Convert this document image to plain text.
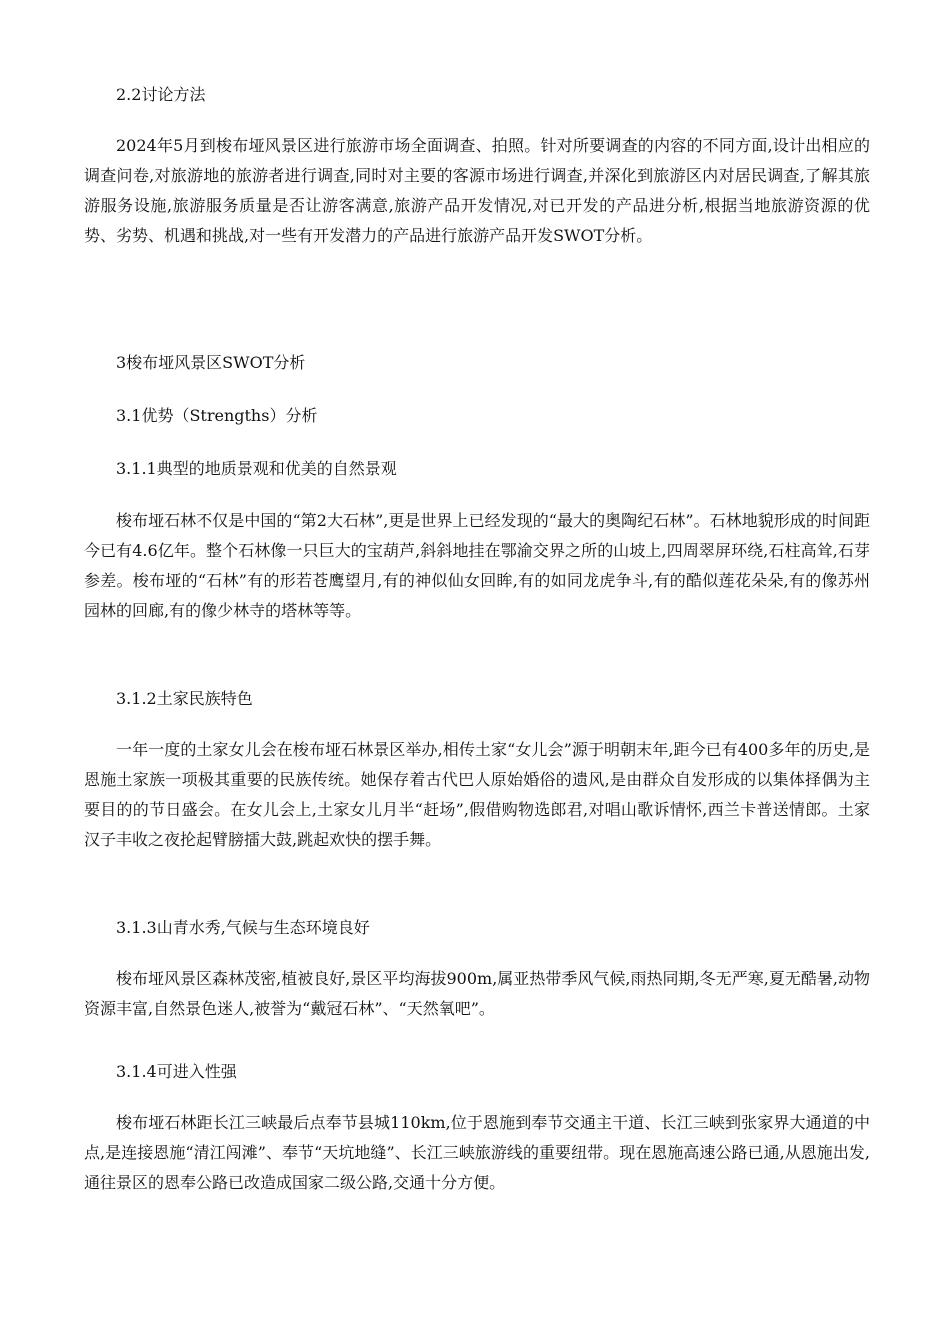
2.2讨论方法

2024年5月到梭布垭风景区进行旅游市场全面调查、拍照。针对所要调查的内容的不同方面,设计出相应的调查问卷,对旅游地的旅游者进行调查,同时对主要的客源市场进行调查,并深化到旅游区内对居民调查,了解其旅游服务设施,旅游服务质量是否让游客满意,旅游产品开发情况,对已开发的产品进分析,根据当地旅游资源的优势、劣势、机遇和挑战,对一些有开发潜力的产品进行旅游产品开发SWOT分析。

3梭布垭风景区SWOT分析

3.1优势（Strengths）分析

3.1.1典型的地质景观和优美的自然景观

梭布垭石林不仅是中国的“第2大石林”,更是世界上已经发现的“最大的奥陶纪石林”。石林地貌形成的时间距今已有4.6亿年。整个石林像一只巨大的宝葫芦,斜斜地挂在鄂渝交界之所的山坡上,四周翠屏环绕,石柱高耸,石芽参差。梭布垭的“石林”有的形若苍鹰望月,有的神似仙女回眸,有的如同龙虎争斗,有的酷似莲花朵朵,有的像苏州园林的回廊,有的像少林寺的塔林等等。

3.1.2土家民族特色

一年一度的土家女儿会在梭布垭石林景区举办,相传土家“女儿会”源于明朝末年,距今已有400多年的历史,是恩施土家族一项极其重要的民族传统。她保存着古代巴人原始婚俗的遗风,是由群众自发形成的以集体择偶为主要目的的节日盛会。在女儿会上,土家女儿月半“赶场”,假借购物选郎君,对唱山歌诉情怀,西兰卡普送情郎。土家汉子丰收之夜抡起臂膀擂大鼓,跳起欢快的摆手舞。

3.1.3山青水秀,气候与生态环境良好

梭布垭风景区森林茂密,植被良好,景区平均海拔900m,属亚热带季风气候,雨热同期,冬无严寒,夏无酷暑,动物资源丰富,自然景色迷人,被誉为“戴冠石林”、“天然氧吧”。

3.1.4可进入性强

梭布垭石林距长江三峡最后点奉节县城110km,位于恩施到奉节交通主干道、长江三峡到张家界大通道的中点,是连接恩施“清江闯滩”、奉节“天坑地缝”、长江三峡旅游线的重要纽带。现在恩施高速公路已通,从恩施出发,通往景区的恩奉公路已改造成国家二级公路,交通十分方便。
